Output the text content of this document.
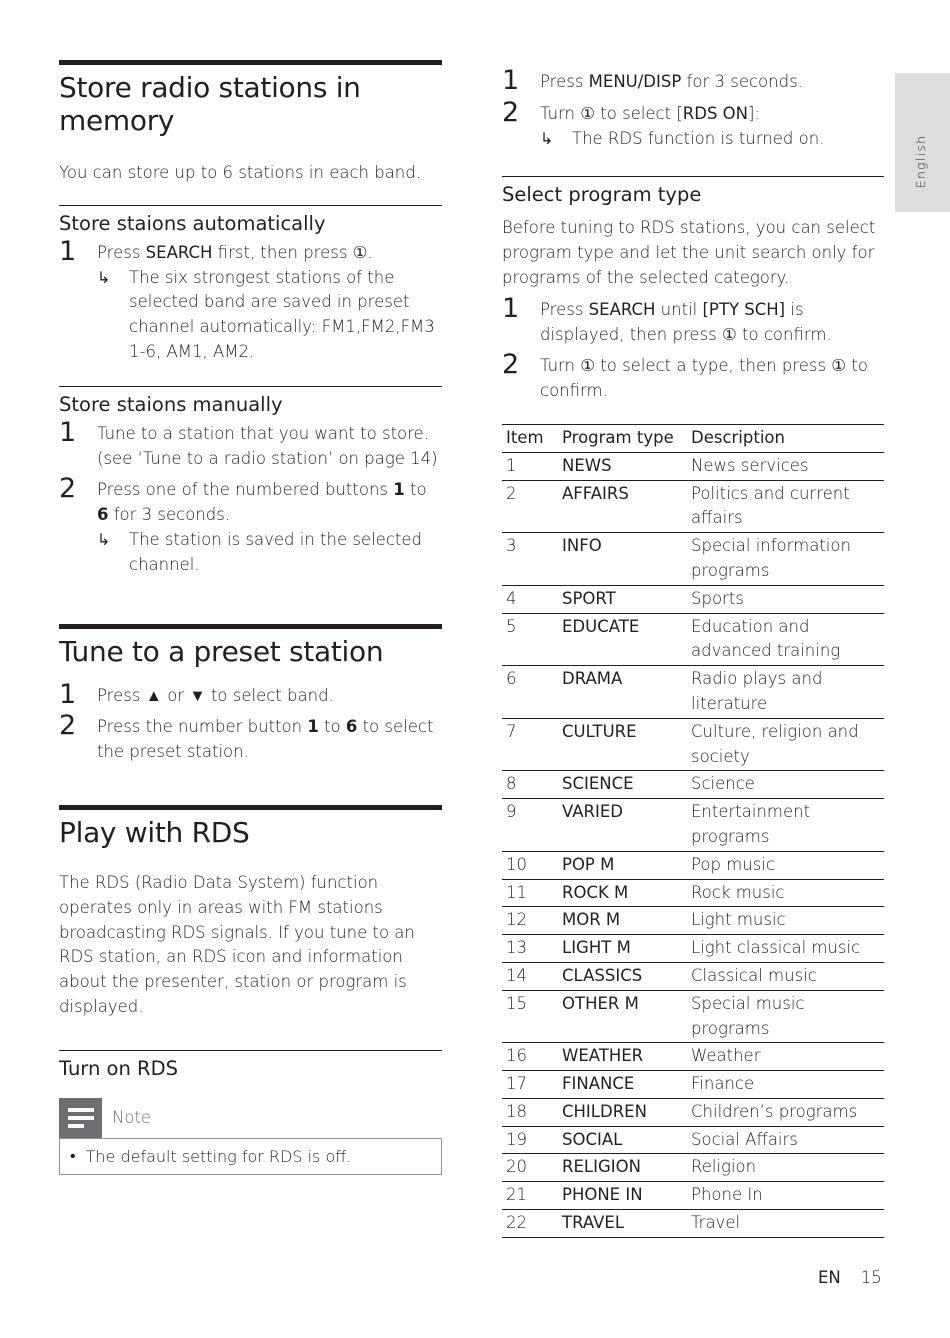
English
Store radio stations in memory
You can store up to 6 stations in each band.
Store staions automatically
1 Press SEARCH first, then press ①.
↳ The six strongest stations of the selected band are saved in preset channel automatically: FM1,FM2,FM3 1-6, AM1, AM2.
Store staions manually
1 Tune to a station that you want to store. (see ‘Tune to a radio station’ on page 14)
2 Press one of the numbered buttons 1 to 6 for 3 seconds.
↳ The station is saved in the selected channel.
Tune to a preset station
1 Press ▲ or ▼ to select band.
2 Press the number button 1 to 6 to select the preset station.
Play with RDS
The RDS (Radio Data System) function operates only in areas with FM stations broadcasting RDS signals. If you tune to an RDS station, an RDS icon and information about the presenter, station or program is displayed.
Turn on RDS
Note
• The default setting for RDS is off.
1 Press MENU/DISP for 3 seconds.
2 Turn ① to select [RDS ON]:
↳ The RDS function is turned on.
Select program type
Before tuning to RDS stations, you can select program type and let the unit search only for programs of the selected category.
1 Press SEARCH until [PTY SCH] is displayed, then press ① to confirm.
2 Turn ① to select a type, then press ① to confirm.
Item	Program type	Description
1	NEWS	News services
2	AFFAIRS	Politics and current affairs
3	INFO	Special information programs
4	SPORT	Sports
5	EDUCATE	Education and advanced training
6	DRAMA	Radio plays and literature
7	CULTURE	Culture, religion and society
8	SCIENCE	Science
9	VARIED	Entertainment programs
10	POP M	Pop music
11	ROCK M	Rock music
12	MOR M	Light music
13	LIGHT M	Light classical music
14	CLASSICS	Classical music
15	OTHER M	Special music programs
16	WEATHER	Weather
17	FINANCE	Finance
18	CHILDREN	Children’s programs
19	SOCIAL	Social Affairs
20	RELIGION	Religion
21	PHONE IN	Phone In
22	TRAVEL	Travel
EN 15
